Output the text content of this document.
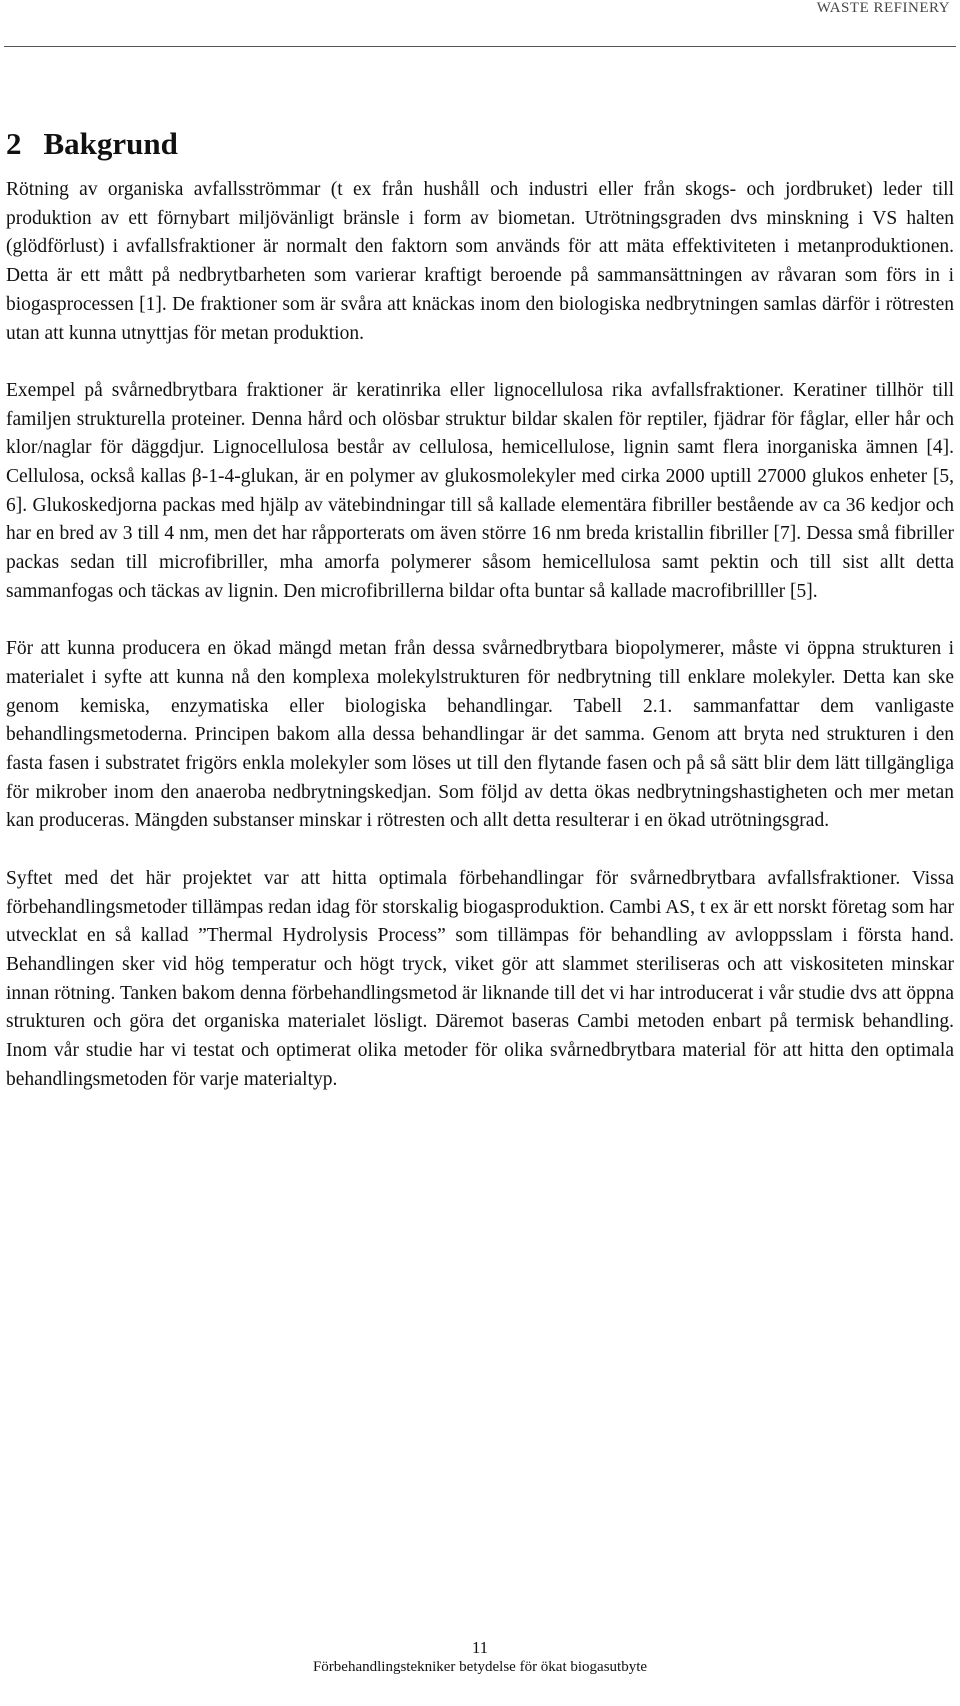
WASTE REFINERY
2 Bakgrund

Rötning av organiska avfallsströmmar (t ex från hushåll och industri eller från skogs- och jordbruket) leder till produktion av ett förnybart miljövänligt bränsle i form av biometan. Utrötningsgraden dvs minskning i VS halten (glödförlust) i avfallsfraktioner är normalt den faktorn som används för att mäta effektiviteten i metanproduktionen. Detta är ett mått på nedbrytbarheten som varierar kraftigt beroende på sammansättningen av råvaran som förs in i biogasprocessen [1]. De fraktioner som är svåra att knäckas inom den biologiska nedbrytningen samlas därför i rötresten utan att kunna utnyttjas för metan produktion.

Exempel på svårnedbrytbara fraktioner är keratinrika eller lignocellulosa rika avfallsfraktioner. Keratiner tillhör till familjen strukturella proteiner. Denna hård och olösbar struktur bildar skalen för reptiler, fjädrar för fåglar, eller hår och klor/naglar för däggdjur. Lignocellulosa består av cellulosa, hemicellulose, lignin samt flera inorganiska ämnen [4]. Cellulosa, också kallas β-1-4-glukan, är en polymer av glukosmolekyler med cirka 2000 uptill 27000 glukos enheter [5, 6]. Glukoskedjorna packas med hjälp av vätebindningar till så kallade elementära fibriller bestående av ca 36 kedjor och har en bred av 3 till 4 nm, men det har råpporterats om även större 16 nm breda kristallin fibriller [7]. Dessa små fibriller packas sedan till microfibriller, mha amorfa polymerer såsom hemicellulosa samt pektin och till sist allt detta sammanfogas och täckas av lignin. Den microfibrillerna bildar ofta buntar så kallade macrofibrilller [5].

För att kunna producera en ökad mängd metan från dessa svårnedbrytbara biopolymerer, måste vi öppna strukturen i materialet i syfte att kunna nå den komplexa molekylstrukturen för nedbrytning till enklare molekyler. Detta kan ske genom kemiska, enzymatiska eller biologiska behandlingar. Tabell 2.1. sammanfattar dem vanligaste behandlingsmetoderna. Principen bakom alla dessa behandlingar är det samma. Genom att bryta ned strukturen i den fasta fasen i substratet frigörs enkla molekyler som löses ut till den flytande fasen och på så sätt blir dem lätt tillgängliga för mikrober inom den anaeroba nedbrytningskedjan. Som följd av detta ökas nedbrytningshastigheten och mer metan kan produceras. Mängden substanser minskar i rötresten och allt detta resulterar i en ökad utrötningsgrad.

Syftet med det här projektet var att hitta optimala förbehandlingar för svårnedbrytbara avfallsfraktioner. Vissa förbehandlingsmetoder tillämpas redan idag för storskalig biogasproduktion. Cambi AS, t ex är ett norskt företag som har utvecklat en så kallad ”Thermal Hydrolysis Process” som tillämpas för behandling av avloppsslam i första hand. Behandlingen sker vid hög temperatur och högt tryck, viket gör att slammet steriliseras och att viskositeten minskar innan rötning. Tanken bakom denna förbehandlingsmetod är liknande till det vi har introducerat i vår studie dvs att öppna strukturen och göra det organiska materialet lösligt. Däremot baseras Cambi metoden enbart på termisk behandling. Inom vår studie har vi testat och optimerat olika metoder för olika svårnedbrytbara material för att hitta den optimala behandlingsmetoden för varje materialtyp.

11
Förbehandlingstekniker betydelse för ökat biogasutbyte
